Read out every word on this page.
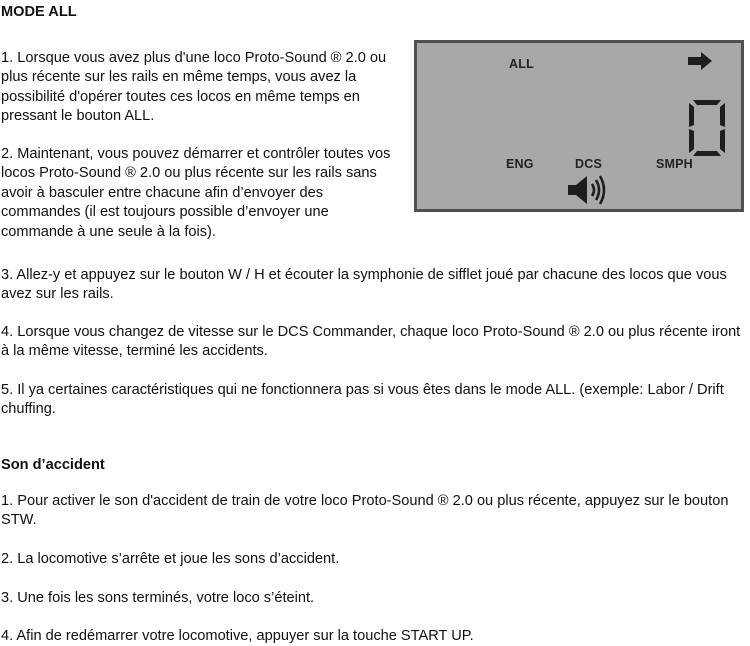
MODE ALL

1. Lorsque vous avez plus d'une loco Proto-Sound ® 2.0 ou plus récente sur les rails en même temps, vous avez la possibilité d'opérer toutes ces locos en même temps en pressant le bouton ALL.

2. Maintenant, vous pouvez démarrer et contrôler toutes vos locos Proto-Sound ® 2.0 ou plus récente sur les rails sans avoir à basculer entre chacune afin d’envoyer des commandes (il est toujours possible d’envoyer une commande à une seule à la fois).

3. Allez-y et appuyez sur le bouton W / H et écouter la symphonie de sifflet joué par chacune des locos que vous avez sur les rails.

4. Lorsque vous changez de vitesse sur le DCS Commander, chaque loco Proto-Sound ® 2.0 ou plus récente iront à la même vitesse, terminé les accidents.

5. Il ya certaines caractéristiques qui ne fonctionnera pas si vous êtes dans le mode ALL. (exemple: Labor / Drift chuffing.

ALL
ENG	DCS	SMPH
Son d’accident

1. Pour activer le son d'accident de train de votre loco Proto-Sound ® 2.0 ou plus récente, appuyez sur le bouton STW.

2. La locomotive s’arrête et joue les sons d’accident.

3. Une fois les sons terminés, votre loco s’éteint.

4. Afin de redémarrer votre locomotive, appuyer sur la touche START UP.
